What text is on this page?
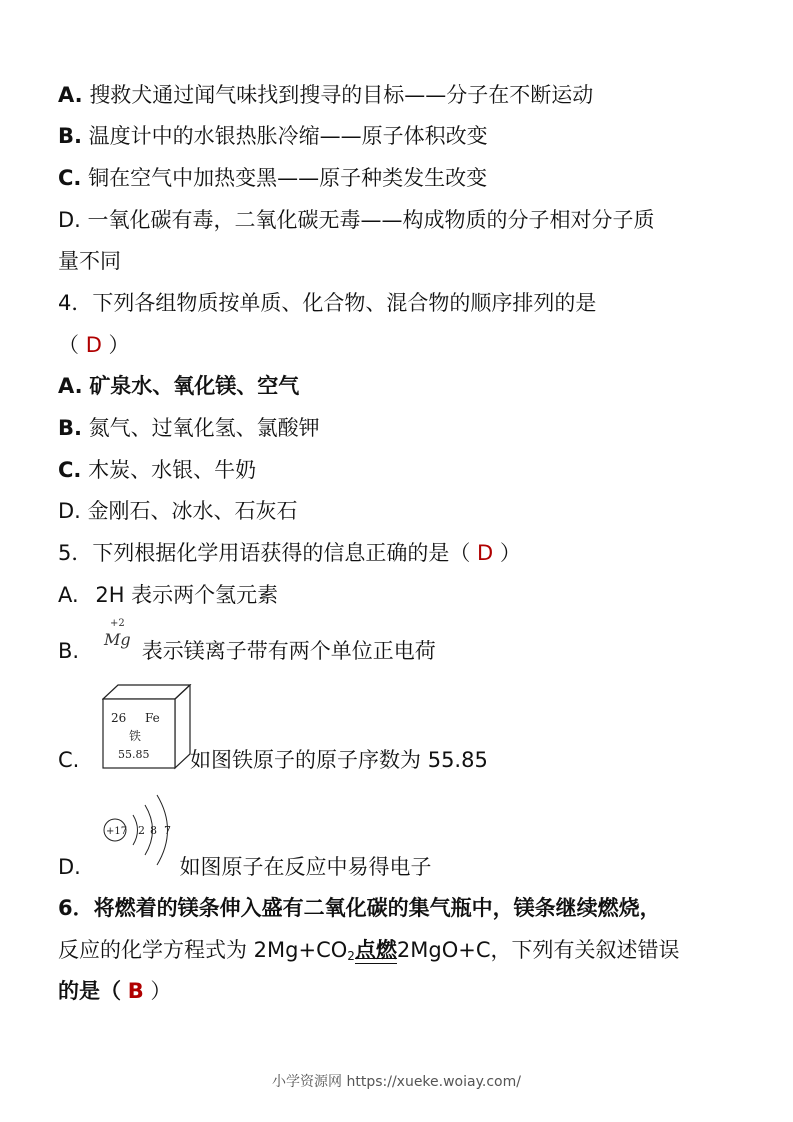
A. 搜救犬通过闻气味找到搜寻的目标——分子在不断运动
B. 温度计中的水银热胀冷缩——原子体积改变
C. 铜在空气中加热变黑——原子种类发生改变
D. 一氧化碳有毒，二氧化碳无毒——构成物质的分子相对分子质
量不同
4．下列各组物质按单质、化合物、混合物的顺序排列的是
（ D ）
A. 矿泉水、氧化镁、空气
B. 氮气、过氧化氢、氯酸钾
C. 木炭、水银、牛奶
D. 金刚石、冰水、石灰石
5．下列根据化学用语获得的信息正确的是（ D ）
A. 2H 表示两个氢元素
+2
Mg
B.	表示镁离子带有两个单位正电荷
26 Fe
铁
55.85
C.	如图铁原子的原子序数为 55.85
+17 2 8 7
D.	如图原子在反应中易得电子
6．将燃着的镁条伸入盛有二氧化碳的集气瓶中，镁条继续燃烧，
反应的化学方程式为 $2Mg+CO_2$点燃
2MgO+C，下列有关叙述错误
的是（ B ）
小学资源网 https://xueke.woiay.com/
